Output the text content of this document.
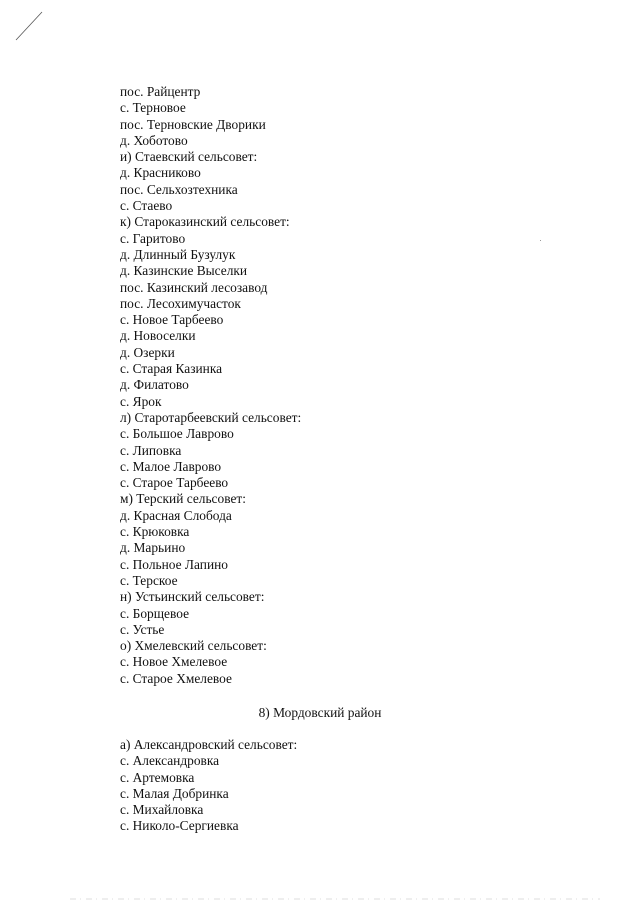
пос. Райцентр
с. Терновое
пос. Терновские Дворики
д. Хоботово
и) Стаевский сельсовет:
д. Красниково
пос. Сельхозтехника
с. Стаево
к) Староказинский сельсовет:
с. Гаритово
д. Длинный Бузулук
д. Казинские Выселки
пос. Казинский лесозавод
пос. Лесохимучасток
с. Новое Тарбеево
д. Новоселки
д. Озерки
с. Старая Казинка
д. Филатово
с. Ярок
л) Старотарбеевский сельсовет:
с. Большое Лаврово
с. Липовка
с. Малое Лаврово
с. Старое Тарбеево
м) Терский сельсовет:
д. Красная Слобода
с. Крюковка
д. Марьино
с. Польное Лапино
с. Терское
н) Устьинский сельсовет:
с. Борщевое
с. Устье
о) Хмелевский сельсовет:
с. Новое Хмелевое
с. Старое Хмелевое
8) Мордовский район
а) Александровский сельсовет:
с. Александровка
с. Артемовка
с. Малая Добринка
с. Михайловка
с. Николо-Сергиевка
